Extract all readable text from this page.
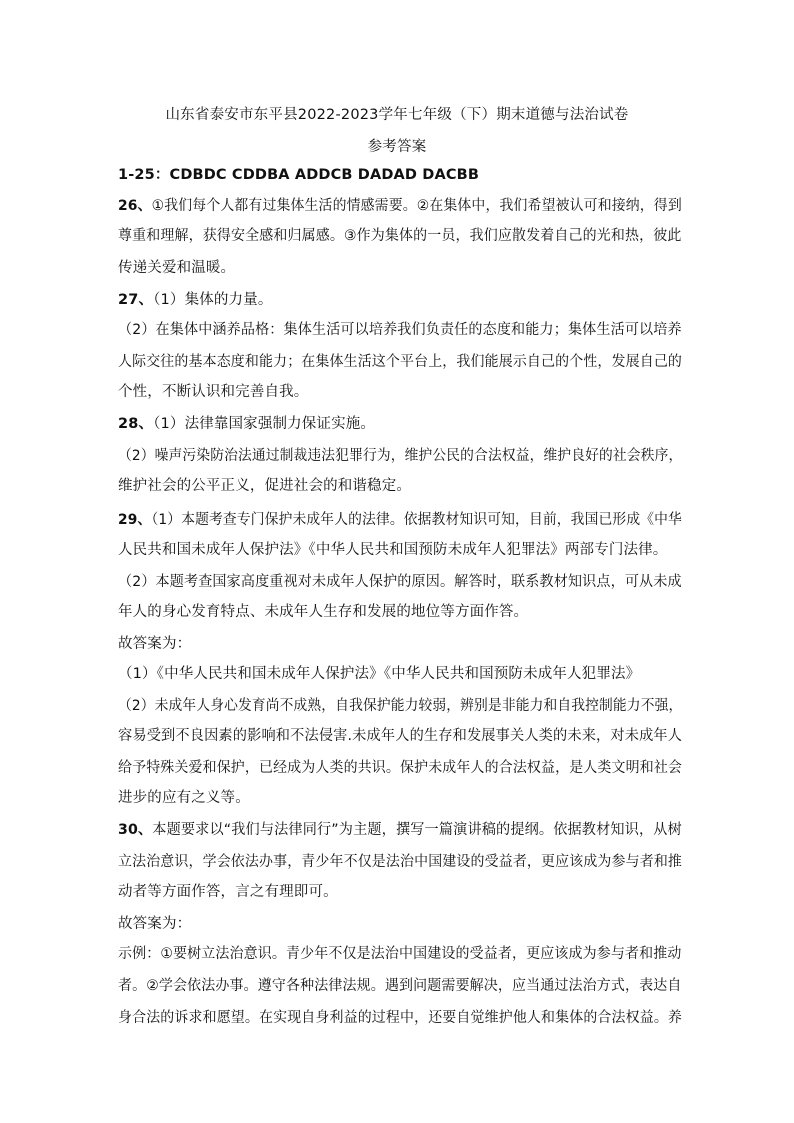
山东省泰安市东平县2022-2023学年七年级（下）期末道德与法治试卷
参考答案
1-25：CDBDC CDDBA ADDCB DADAD DACBB
26、①我们每个人都有过集体生活的情感需要。②在集体中，我们希望被认可和接纳，得到
尊重和理解，获得安全感和归属感。③作为集体的一员，我们应散发着自己的光和热，彼此
传递关爱和温暖。
27、（1）集体的力量。
（2）在集体中涵养品格：集体生活可以培养我们负责任的态度和能力；集体生活可以培养
人际交往的基本态度和能力；在集体生活这个平台上，我们能展示自己的个性，发展自己的
个性，不断认识和完善自我。
28、（1）法律靠国家强制力保证实施。
（2）噪声污染防治法通过制裁违法犯罪行为，维护公民的合法权益，维护良好的社会秩序，
维护社会的公平正义，促进社会的和谐稳定。
29、（1）本题考查专门保护未成年人的法律。依据教材知识可知，目前，我国已形成《中华
人民共和国未成年人保护法》《中华人民共和国预防未成年人犯罪法》两部专门法律。
（2）本题考查国家高度重视对未成年人保护的原因。解答时，联系教材知识点，可从未成
年人的身心发育特点、未成年人生存和发展的地位等方面作答。
故答案为：
（1）《中华人民共和国未成年人保护法》《中华人民共和国预防未成年人犯罪法》
（2）未成年人身心发育尚不成熟，自我保护能力较弱，辨别是非能力和自我控制能力不强，
容易受到不良因素的影响和不法侵害.未成年人的生存和发展事关人类的未来，对未成年人
给予特殊关爱和保护，已经成为人类的共识。保护未成年人的合法权益，是人类文明和社会
进步的应有之义等。
30、本题要求以“我们与法律同行”为主题，撰写一篇演讲稿的提纲。依据教材知识，从树
立法治意识，学会依法办事，青少年不仅是法治中国建设的受益者，更应该成为参与者和推
动者等方面作答，言之有理即可。
故答案为：
示例：①要树立法治意识。青少年不仅是法治中国建设的受益者，更应该成为参与者和推动
者。②学会依法办事。遵守各种法律法规。遇到问题需要解决，应当通过法治方式，表达自
身合法的诉求和愿望。在实现自身利益的过程中，还要自觉维护他人和集体的合法权益。养
